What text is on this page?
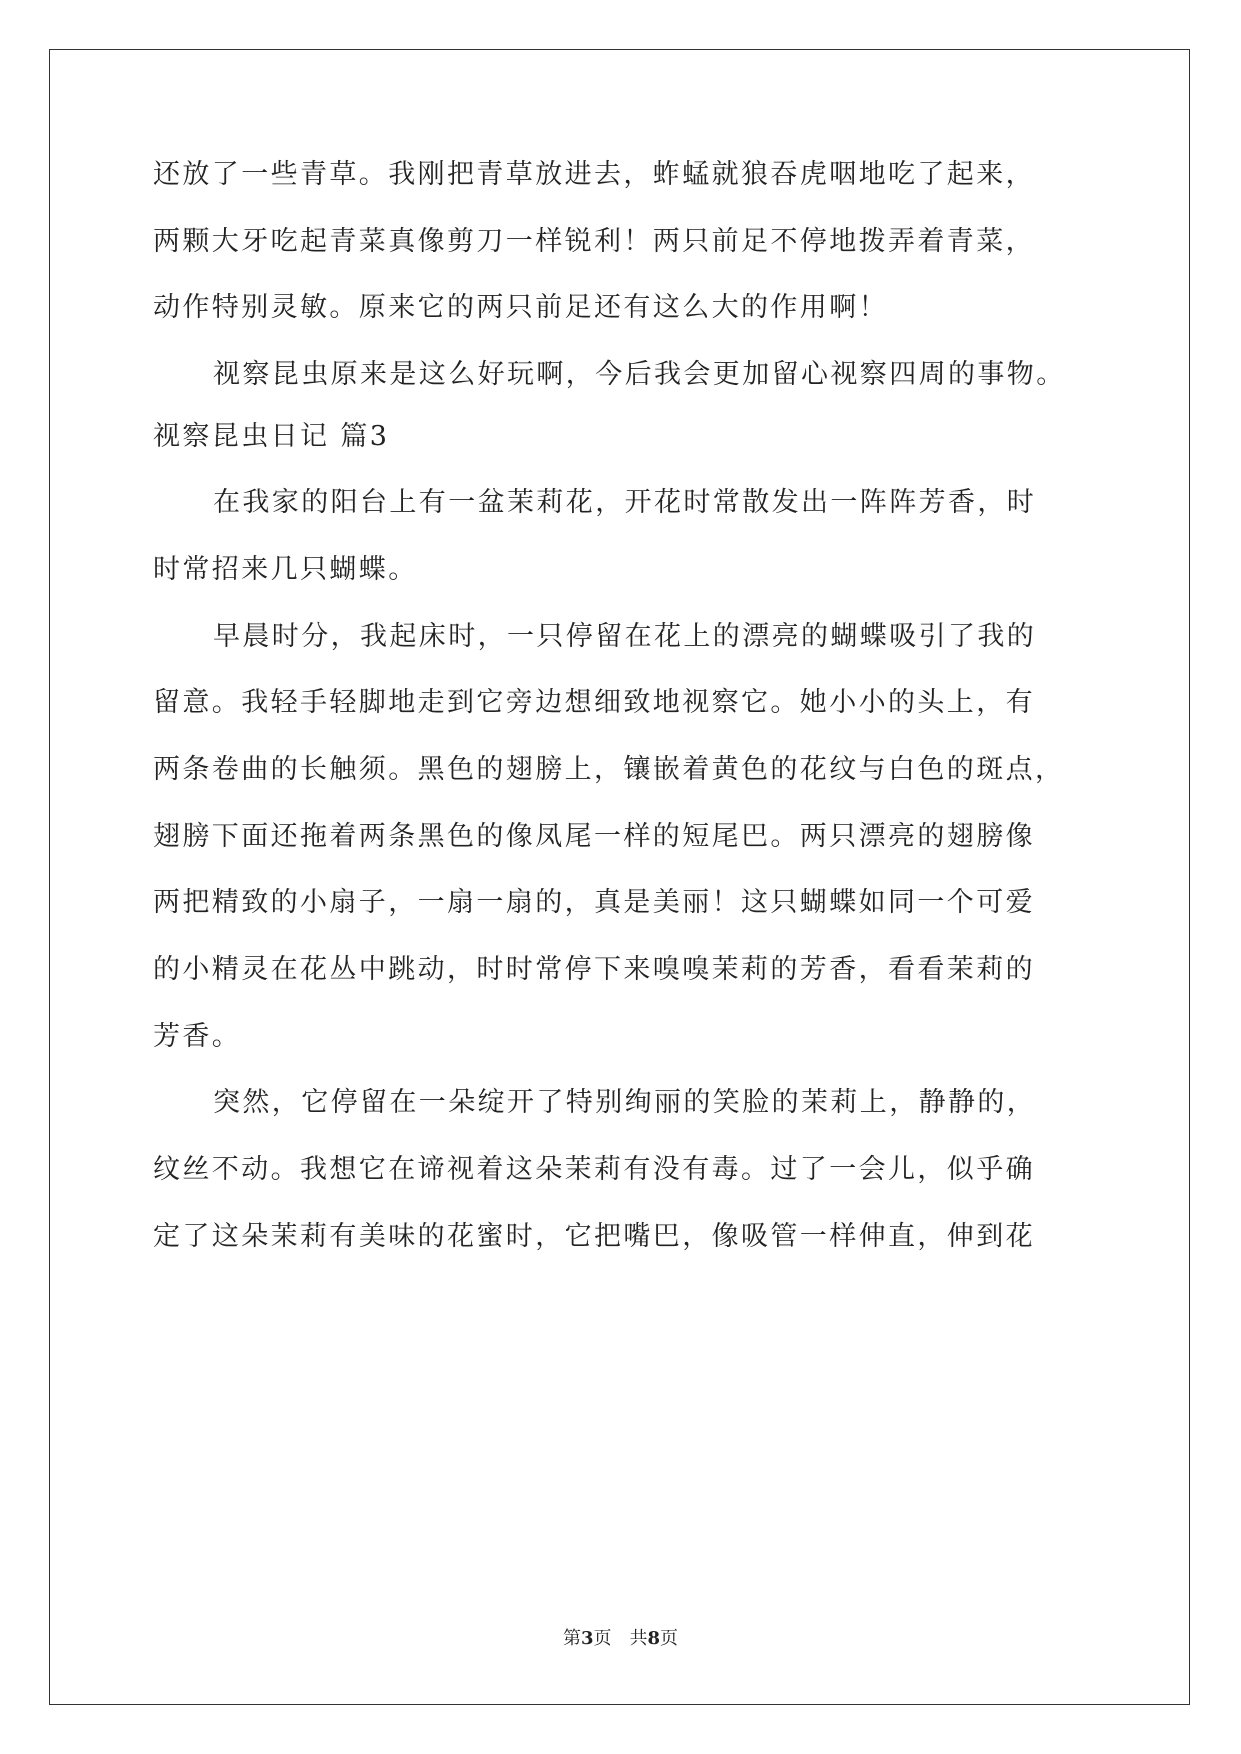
还放了一些青草。我刚把青草放进去，蚱蜢就狼吞虎咽地吃了起来，
两颗大牙吃起青菜真像剪刀一样锐利！两只前足不停地拨弄着青菜，
动作特别灵敏。原来它的两只前足还有这么大的作用啊！
视察昆虫原来是这么好玩啊，今后我会更加留心视察四周的事物。
视察昆虫日记 篇3
在我家的阳台上有一盆茉莉花，开花时常散发出一阵阵芳香，时
时常招来几只蝴蝶。
早晨时分，我起床时，一只停留在花上的漂亮的蝴蝶吸引了我的
留意。我轻手轻脚地走到它旁边想细致地视察它。她小小的头上，有
两条卷曲的长触须。黑色的翅膀上，镶嵌着黄色的花纹与白色的斑点，
翅膀下面还拖着两条黑色的像凤尾一样的短尾巴。两只漂亮的翅膀像
两把精致的小扇子，一扇一扇的，真是美丽！这只蝴蝶如同一个可爱
的小精灵在花丛中跳动，时时常停下来嗅嗅茉莉的芳香，看看茉莉的
芳香。
突然，它停留在一朵绽开了特别绚丽的笑脸的茉莉上，静静的，
纹丝不动。我想它在谛视着这朵茉莉有没有毒。过了一会儿，似乎确
定了这朵茉莉有美味的花蜜时，它把嘴巴，像吸管一样伸直，伸到花
第3页　共8页
